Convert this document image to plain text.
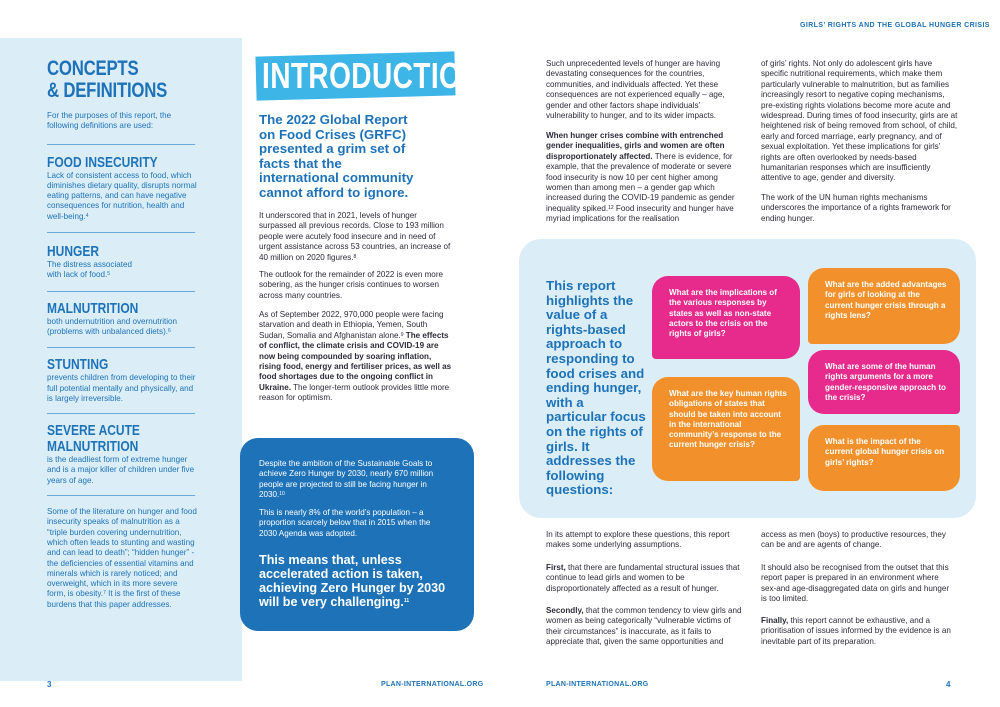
GIRLS’ RIGHTS AND THE GLOBAL HUNGER CRISIS
CONCEPTS
& DEFINITIONS
For the purposes of this report, the following definitions are used:
FOOD INSECURITY
Lack of consistent access to food, which diminishes dietary quality, disrupts normal eating patterns, and can have negative consequences for nutrition, health and well-being.$^4$
HUNGER
The distress associated with lack of food.$^5$
MALNUTRITION
both undernutrition and overnutrition (problems with unbalanced diets).$^6$
STUNTING
prevents children from developing to their full potential mentally and physically, and is largely irreversible.
SEVERE ACUTE
MALNUTRITION
is the deadliest form of extreme hunger and is a major killer of children under five years of age.
Some of the literature on hunger and food insecurity speaks of malnutrition as a “triple burden covering undernutrition, which often leads to stunting and wasting and can lead to death”; “hidden hunger” - the deficiencies of essential vitamins and minerals which is rarely noticed; and overweight, which in its more severe form, is obesity.$^7$ It is the first of these burdens that this paper addresses.
INTRODUCTION
The 2022 Global Report on Food Crises (GRFC) presented a grim set of facts that the international community cannot afford to ignore.
It underscored that in 2021, levels of hunger surpassed all previous records. Close to 193 million people were acutely food insecure and in need of urgent assistance across 53 countries, an increase of 40 million on 2020 figures.$^8$
The outlook for the remainder of 2022 is even more sobering, as the hunger crisis continues to worsen across many countries.
As of September 2022, 970,000 people were facing starvation and death in Ethiopia, Yemen, South Sudan, Somalia and Afghanistan alone.$^9$ The effects of conflict, the climate crisis and COVID-19 are now being compounded by soaring inflation, rising food, energy and fertiliser prices, as well as food shortages due to the ongoing conflict in Ukraine. The longer-term outlook provides little more reason for optimism.
Despite the ambition of the Sustainable Goals to achieve Zero Hunger by 2030, nearly 670 million people are projected to still be facing hunger in 2030.10
This is nearly 8% of the world’s population – a proportion scarcely below that in 2015 when the 2030 Agenda was adopted.
This means that, unless accelerated action is taken, achieving Zero Hunger by 2030 will be very challenging.$^{11}$
Such unprecedented levels of hunger are having devastating consequences for the countries, communities, and individuals affected. Yet these consequences are not experienced equally – age, gender and other factors shape individuals’ vulnerability to hunger, and to its wider impacts.
When hunger crises combine with entrenched gender inequalities, girls and women are often disproportionately affected. There is evidence, for example, that the prevalence of moderate or severe food insecurity is now 10 per cent higher among women than among men – a gender gap which increased during the COVID-19 pandemic as gender inequality spiked.$^{12}$ Food insecurity and hunger have myriad implications for the realisation
of girls’ rights. Not only do adolescent girls have specific nutritional requirements, which make them particularly vulnerable to malnutrition, but as families increasingly resort to negative coping mechanisms, pre-existing rights violations become more acute and widespread. During times of food insecurity, girls are at heightened risk of being removed from school, of child, early and forced marriage, early pregnancy, and of sexual exploitation. Yet these implications for girls’ rights are often overlooked by needs-based humanitarian responses which are insufficiently attentive to age, gender and diversity.
The work of the UN human rights mechanisms underscores the importance of a rights framework for ending hunger.
This report highlights the value of a rights-based approach to responding to food crises and ending hunger, with a particular focus on the rights of girls. It addresses the following questions:
What are the implications of the various responses by states as well as non-state actors to the crisis on the rights of girls?
What are the key human rights obligations of states that should be taken into account in the international community’s response to the current hunger crisis?
What are the added advantages for girls of looking at the current hunger crisis through a rights lens?
What are some of the human rights arguments for a more gender-responsive approach to the crisis?
What is the impact of the current global hunger crisis on girls’ rights?
In its attempt to explore these questions, this report makes some underlying assumptions.
First, that there are fundamental structural issues that continue to lead girls and women to be disproportionately affected as a result of hunger.
Secondly, that the common tendency to view girls and women as being categorically “vulnerable victims of their circumstances” is inaccurate, as it fails to appreciate that, given the same opportunities and
access as men (boys) to productive resources, they can be and are agents of change.
It should also be recognised from the outset that this report paper is prepared in an environment where sex-and age-disaggregated data on girls and hunger is too limited.
Finally, this report cannot be exhaustive, and a prioritisation of issues informed by the evidence is an inevitable part of its preparation.
3	PLAN-INTERNATIONAL.ORG	PLAN-INTERNATIONAL.ORG	4
